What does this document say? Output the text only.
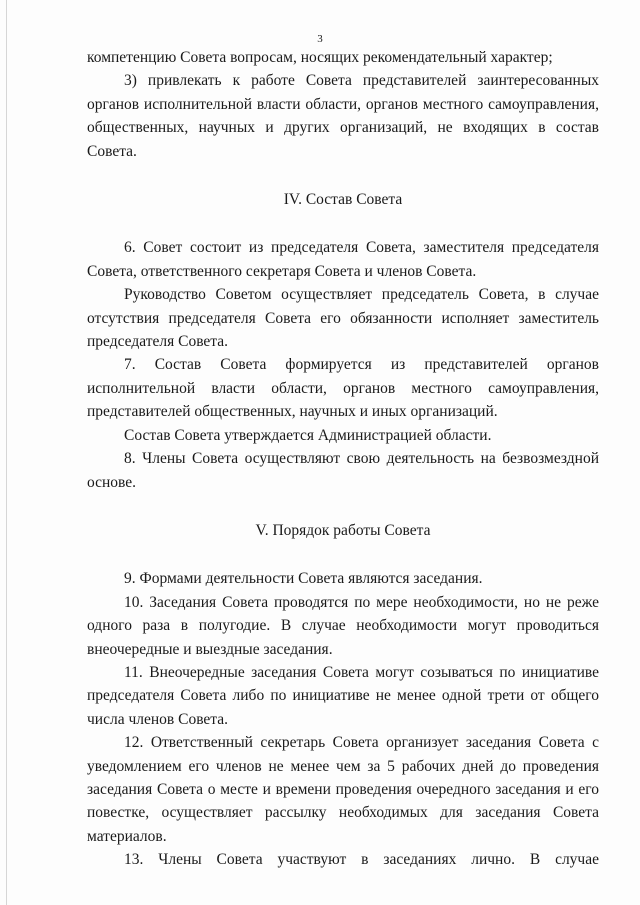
3

компетенцию Совета вопросам, носящих рекомендательный характер;

3) привлекать к работе Совета представителей заинтересованных органов исполнительной власти области, органов местного самоуправления, общественных, научных и других организаций, не входящих в состав Совета.

IV. Состав Совета

6. Совет состоит из председателя Совета, заместителя председателя Совета, ответственного секретаря Совета и членов Совета.

Руководство Советом осуществляет председатель Совета, в случае отсутствия председателя Совета его обязанности исполняет заместитель председателя Совета.

7. Состав Совета формируется из представителей органов исполнительной власти области, органов местного самоуправления, представителей общественных, научных и иных организаций.

Состав Совета утверждается Администрацией области.

8. Члены Совета осуществляют свою деятельность на безвозмездной основе.

V. Порядок работы Совета

9. Формами деятельности Совета являются заседания.

10. Заседания Совета проводятся по мере необходимости, но не реже одного раза в полугодие. В случае необходимости могут проводиться внеочередные и выездные заседания.

11. Внеочередные заседания Совета могут созываться по инициативе председателя Совета либо по инициативе не менее одной трети от общего числа членов Совета.

12. Ответственный секретарь Совета организует заседания Совета с уведомлением его членов не менее чем за 5 рабочих дней до проведения заседания Совета о месте и времени проведения очередного заседания и его повестке, осуществляет рассылку необходимых для заседания Совета материалов.

13. Члены Совета участвуют в заседаниях лично. В случае
